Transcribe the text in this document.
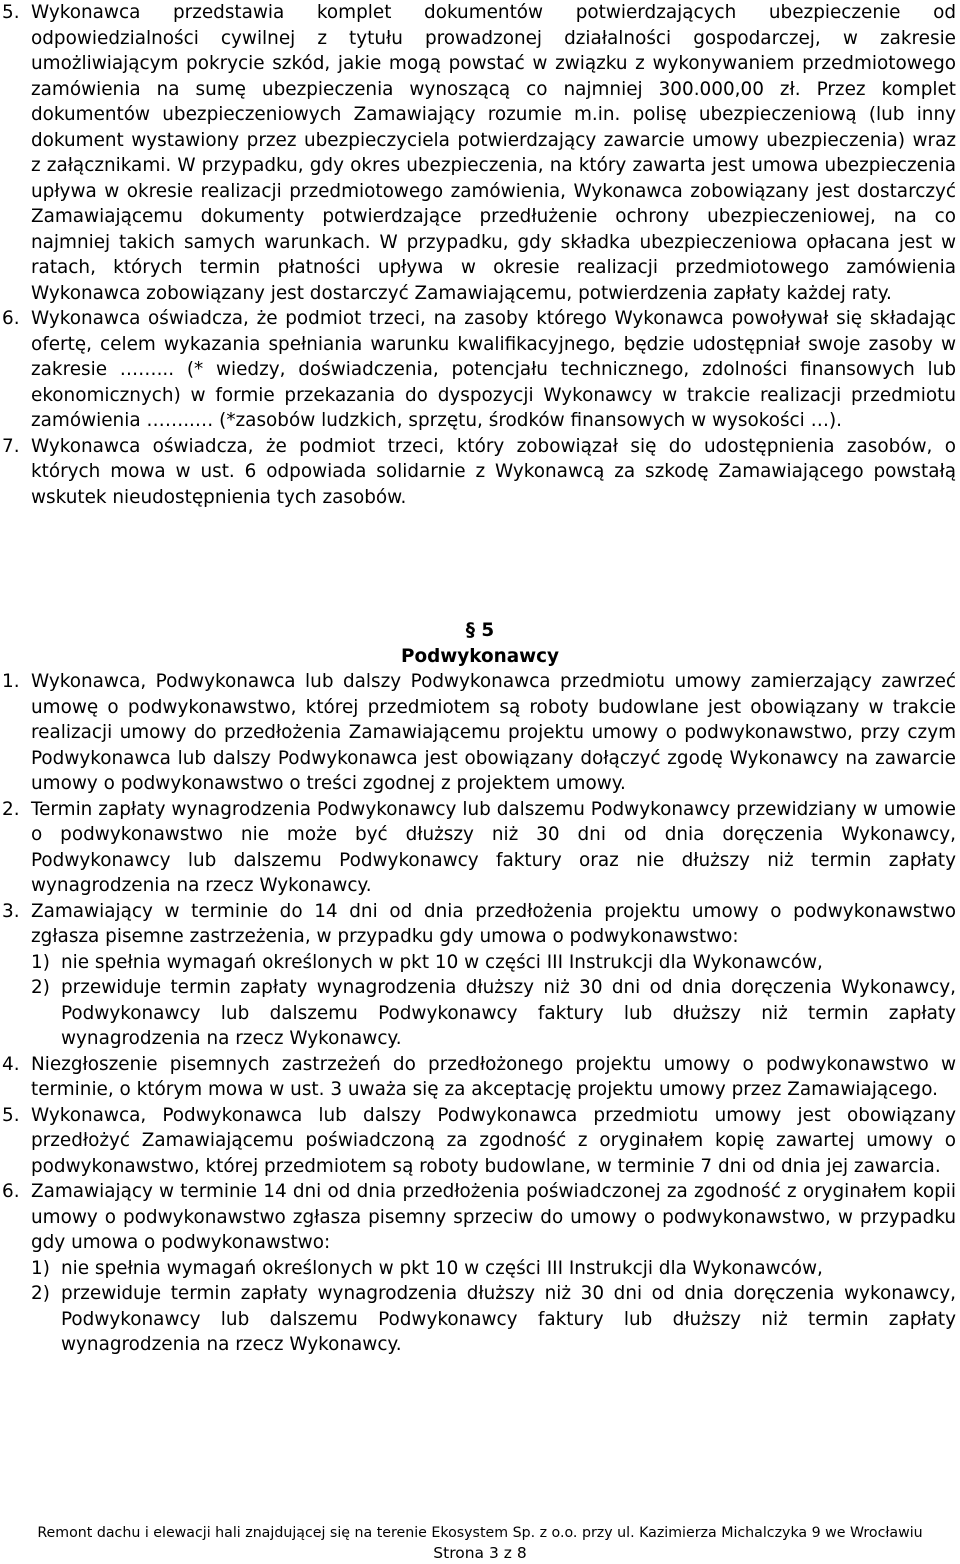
5. Wykonawca przedstawia komplet dokumentów potwierdzających ubezpieczenie od odpowiedzialności cywilnej z tytułu prowadzonej działalności gospodarczej, w zakresie umożliwiającym pokrycie szkód, jakie mogą powstać w związku z wykonywaniem przedmiotowego zamówienia na sumę ubezpieczenia wynoszącą co najmniej 300.000,00 zł. Przez komplet dokumentów ubezpieczeniowych Zamawiający rozumie m.in. polisę ubezpieczeniową (lub inny dokument wystawiony przez ubezpieczyciela potwierdzający zawarcie umowy ubezpieczenia) wraz z załącznikami. W przypadku, gdy okres ubezpieczenia, na który zawarta jest umowa ubezpieczenia upływa w okresie realizacji przedmiotowego zamówienia, Wykonawca zobowiązany jest dostarczyć Zamawiającemu dokumenty potwierdzające przedłużenie ochrony ubezpieczeniowej, na co najmniej takich samych warunkach. W przypadku, gdy składka ubezpieczeniowa opłacana jest w ratach, których termin płatności upływa w okresie realizacji przedmiotowego zamówienia Wykonawca zobowiązany jest dostarczyć Zamawiającemu, potwierdzenia zapłaty każdej raty.
6. Wykonawca oświadcza, że podmiot trzeci, na zasoby którego Wykonawca powoływał się składając ofertę, celem wykazania spełniania warunku kwalifikacyjnego, będzie udostępniał swoje zasoby w zakresie ……... (* wiedzy, doświadczenia, potencjału technicznego, zdolności finansowych lub ekonomicznych) w formie przekazania do dyspozycji Wykonawcy w trakcie realizacji przedmiotu zamówienia ……..… (*zasobów ludzkich, sprzętu, środków finansowych w wysokości …).
7. Wykonawca oświadcza, że podmiot trzeci, który zobowiązał się do udostępnienia zasobów, o których mowa w ust. 6 odpowiada solidarnie z Wykonawcą za szkodę Zamawiającego powstałą wskutek nieudostępnienia tych zasobów.
§ 5
Podwykonawcy
1. Wykonawca, Podwykonawca lub dalszy Podwykonawca przedmiotu umowy zamierzający zawrzeć umowę o podwykonawstwo, której przedmiotem są roboty budowlane jest obowiązany w trakcie realizacji umowy do przedłożenia Zamawiającemu projektu umowy o podwykonawstwo, przy czym Podwykonawca lub dalszy Podwykonawca jest obowiązany dołączyć zgodę Wykonawcy na zawarcie umowy o podwykonawstwo o treści zgodnej z projektem umowy.
2. Termin zapłaty wynagrodzenia Podwykonawcy lub dalszemu Podwykonawcy przewidziany w umowie o podwykonawstwo nie może być dłuższy niż 30 dni od dnia doręczenia Wykonawcy, Podwykonawcy lub dalszemu Podwykonawcy faktury oraz nie dłuższy niż termin zapłaty wynagrodzenia na rzecz Wykonawcy.
3. Zamawiający w terminie do 14 dni od dnia przedłożenia projektu umowy o podwykonawstwo zgłasza pisemne zastrzeżenia, w przypadku gdy umowa o podwykonawstwo:
1) nie spełnia wymagań określonych w pkt 10 w części III Instrukcji dla Wykonawców,
2) przewiduje termin zapłaty wynagrodzenia dłuższy niż 30 dni od dnia doręczenia Wykonawcy, Podwykonawcy lub dalszemu Podwykonawcy faktury lub dłuższy niż termin zapłaty wynagrodzenia na rzecz Wykonawcy.
4. Niezgłoszenie pisemnych zastrzeżeń do przedłożonego projektu umowy o podwykonawstwo w terminie, o którym mowa w ust. 3 uważa się za akceptację projektu umowy przez Zamawiającego.
5. Wykonawca, Podwykonawca lub dalszy Podwykonawca przedmiotu umowy jest obowiązany przedłożyć Zamawiającemu poświadczoną za zgodność z oryginałem kopię zawartej umowy o podwykonawstwo, której przedmiotem są roboty budowlane, w terminie 7 dni od dnia jej zawarcia.
6. Zamawiający w terminie 14 dni od dnia przedłożenia poświadczonej za zgodność z oryginałem kopii umowy o podwykonawstwo zgłasza pisemny sprzeciw do umowy o podwykonawstwo, w przypadku gdy umowa o podwykonawstwo:
1) nie spełnia wymagań określonych w pkt 10 w części III Instrukcji dla Wykonawców,
2) przewiduje termin zapłaty wynagrodzenia dłuższy niż 30 dni od dnia doręczenia wykonawcy, Podwykonawcy lub dalszemu Podwykonawcy faktury lub dłuższy niż termin zapłaty wynagrodzenia na rzecz Wykonawcy.
Remont dachu i elewacji hali znajdującej się na terenie Ekosystem Sp. z o.o. przy ul. Kazimierza Michalczyka 9 we Wrocławiu
Strona 3 z 8
